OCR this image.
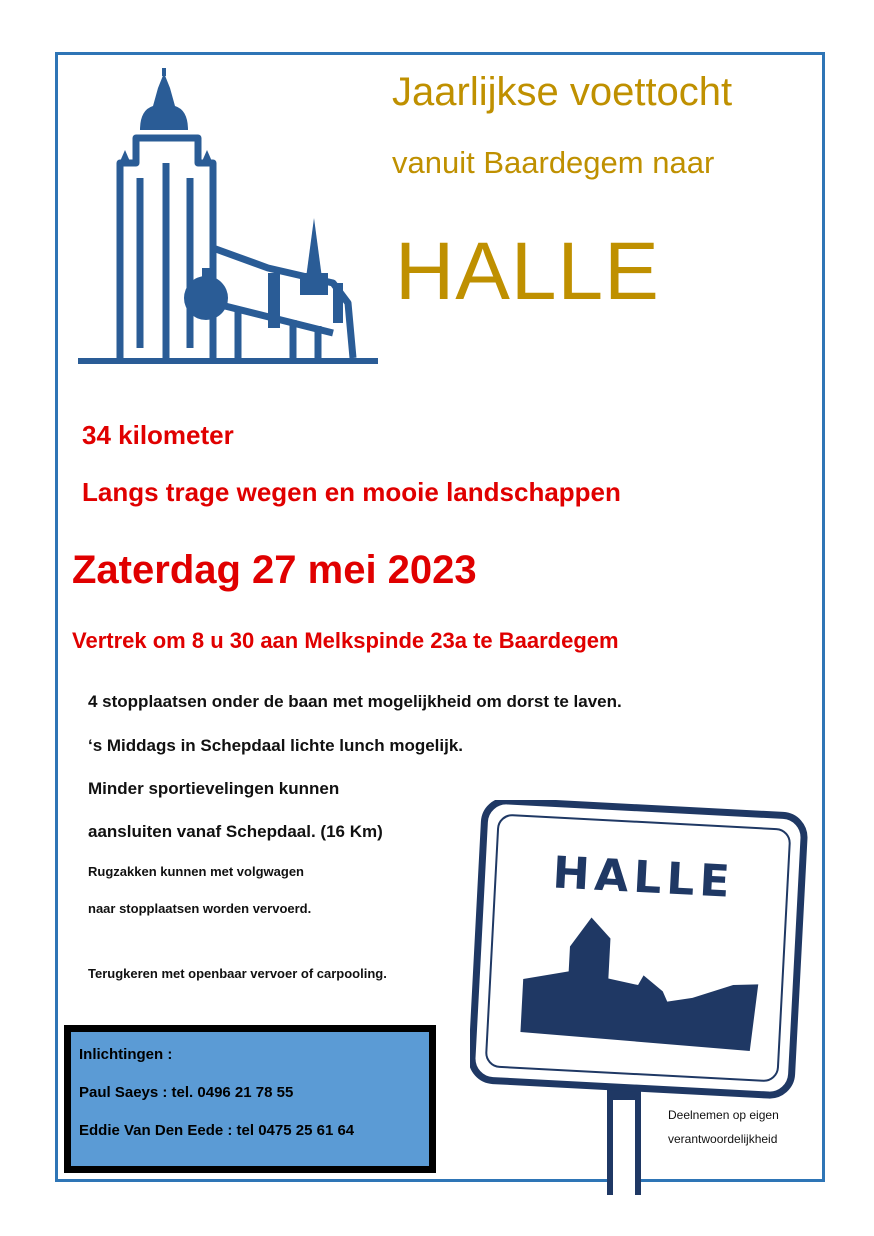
Jaarlijkse voettocht
vanuit Baardegem naar
HALLE
34 kilometer
Langs trage wegen en mooie landschappen
Zaterdag 27 mei 2023
Vertrek om 8 u 30 aan Melkspinde 23a te Baardegem
4 stopplaatsen onder de baan met mogelijkheid om dorst te laven.
‘s Middags in Schepdaal lichte lunch mogelijk.
Minder sportievelingen kunnen
aansluiten vanaf Schepdaal. (16 Km)
Rugzakken kunnen met volgwagen
naar stopplaatsen worden vervoerd.
Terugkeren met openbaar vervoer of carpooling.
Inlichtingen :
Paul Saeys : tel. 0496 21 78 55
Eddie Van Den Eede : tel 0475 25 61 64
HALLE
Deelnemen op eigen
verantwoordelijkheid
